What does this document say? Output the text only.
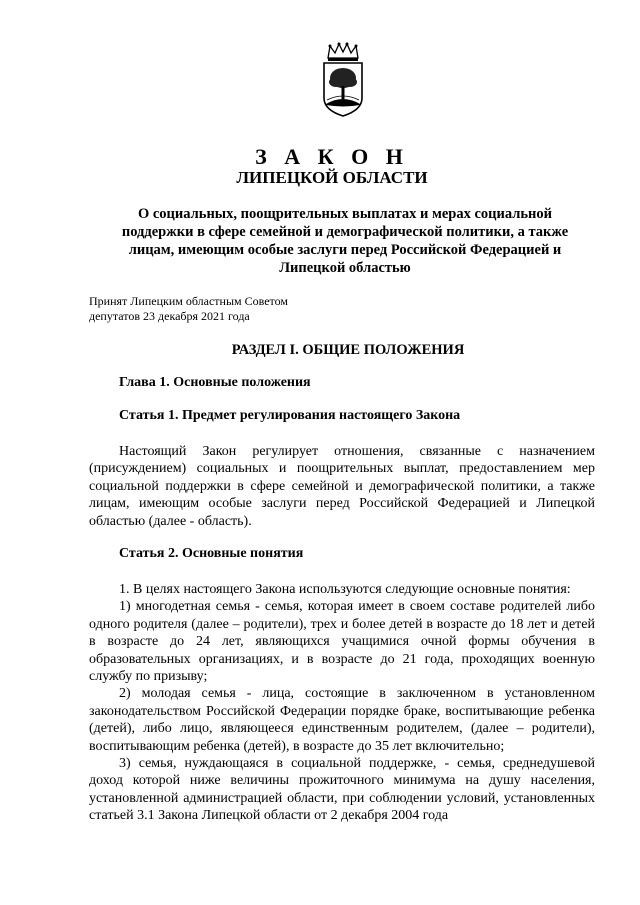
З А К О Н
ЛИПЕЦКОЙ ОБЛАСТИ
О социальных, поощрительных выплатах и мерах социальной поддержки в сфере семейной и демографической политики, а также лицам, имеющим особые заслуги перед Российской Федерацией и Липецкой областью
Принят Липецким областным Советом
депутатов 23 декабря 2021 года
РАЗДЕЛ I. ОБЩИЕ ПОЛОЖЕНИЯ
Глава 1. Основные положения
Статья 1. Предмет регулирования настоящего Закона

Настоящий Закон регулирует отношения, связанные с назначением (присуждением) социальных и поощрительных выплат, предоставлением мер социальной поддержки в сфере семейной и демографической политики, а также лицам, имеющим особые заслуги перед Российской Федерацией и Липецкой областью (далее - область).

Статья 2. Основные понятия

1. В целях настоящего Закона используются следующие основные понятия:

1) многодетная семья - семья, которая имеет в своем составе родителей либо одного родителя (далее – родители), трех и более детей в возрасте до 18 лет и детей в возрасте до 24 лет, являющихся учащимися очной формы обучения в образовательных организациях, и в возрасте до 21 года, проходящих военную службу по призыву;

2) молодая семья - лица, состоящие в заключенном в установленном законодательством Российской Федерации порядке браке, воспитывающие ребенка (детей), либо лицо, являющееся единственным родителем, (далее – родители), воспитывающим ребенка (детей), в возрасте до 35 лет включительно;

3) семья, нуждающаяся в социальной поддержке, - семья, среднедушевой доход которой ниже величины прожиточного минимума на душу населения, установленной администрацией области, при соблюдении условий, установленных статьей 3.1 Закона Липецкой области от 2 декабря 2004 года
